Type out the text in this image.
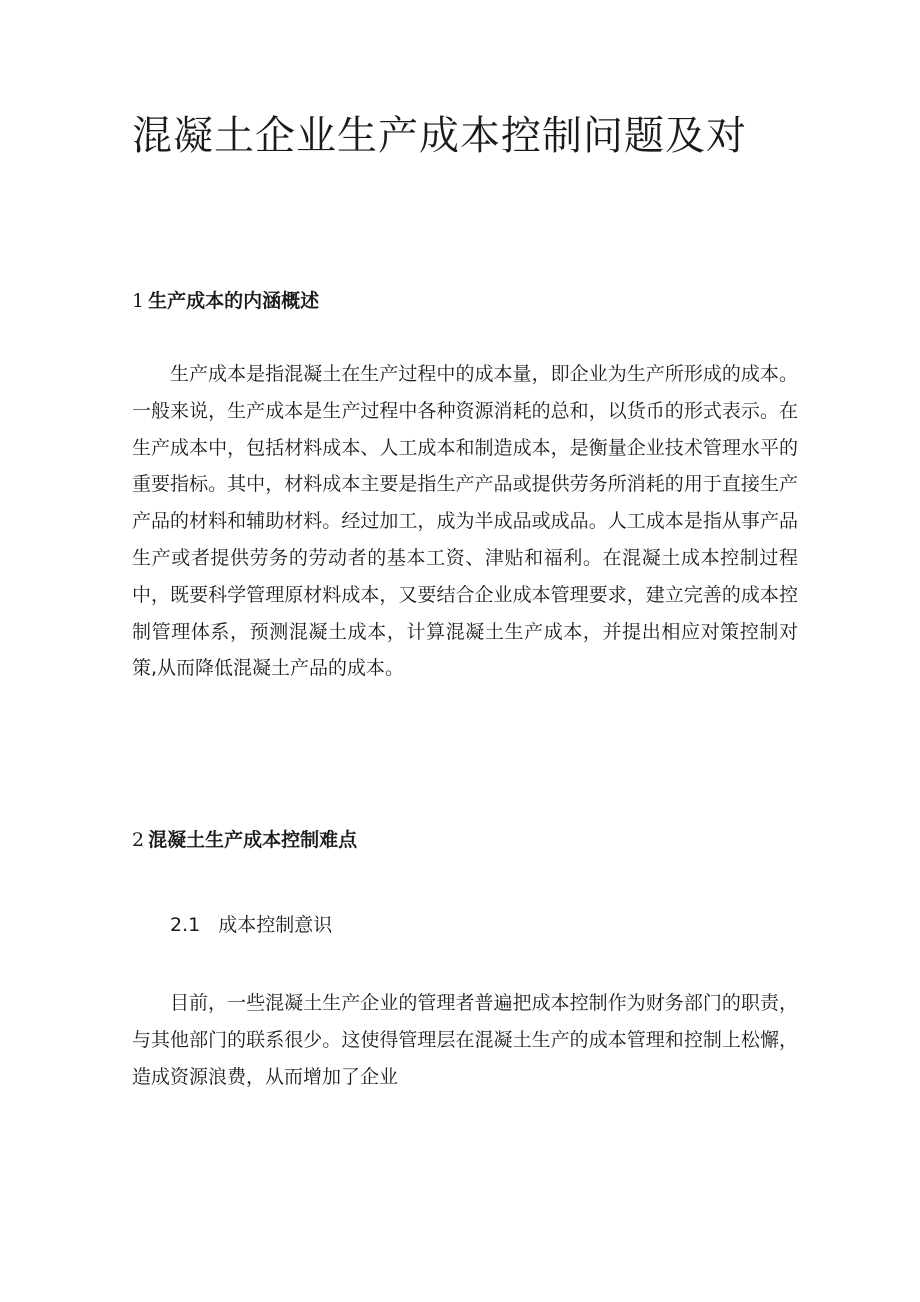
混凝土企业生产成本控制问题及对
1 生产成本的内涵概述

生产成本是指混凝土在生产过程中的成本量，即企业为生产所形成的成本。一般来说，生产成本是生产过程中各种资源消耗的总和，以货币的形式表示。在生产成本中，包括材料成本、人工成本和制造成本，是衡量企业技术管理水平的重要指标。其中，材料成本主要是指生产产品或提供劳务所消耗的用于直接生产产品的材料和辅助材料。经过加工，成为半成品或成品。人工成本是指从事产品生产或者提供劳务的劳动者的基本工资、津贴和福利。在混凝土成本控制过程中，既要科学管理原材料成本，又要结合企业成本管理要求，建立完善的成本控制管理体系，预测混凝土成本，计算混凝土生产成本，并提出相应对策控制对策,从而降低混凝土产品的成本。

2 混凝土生产成本控制难点
2.1 成本控制意识

目前，一些混凝土生产企业的管理者普遍把成本控制作为财务部门的职责，与其他部门的联系很少。这使得管理层在混凝土生产的成本管理和控制上松懈，造成资源浪费，从而增加了企业
